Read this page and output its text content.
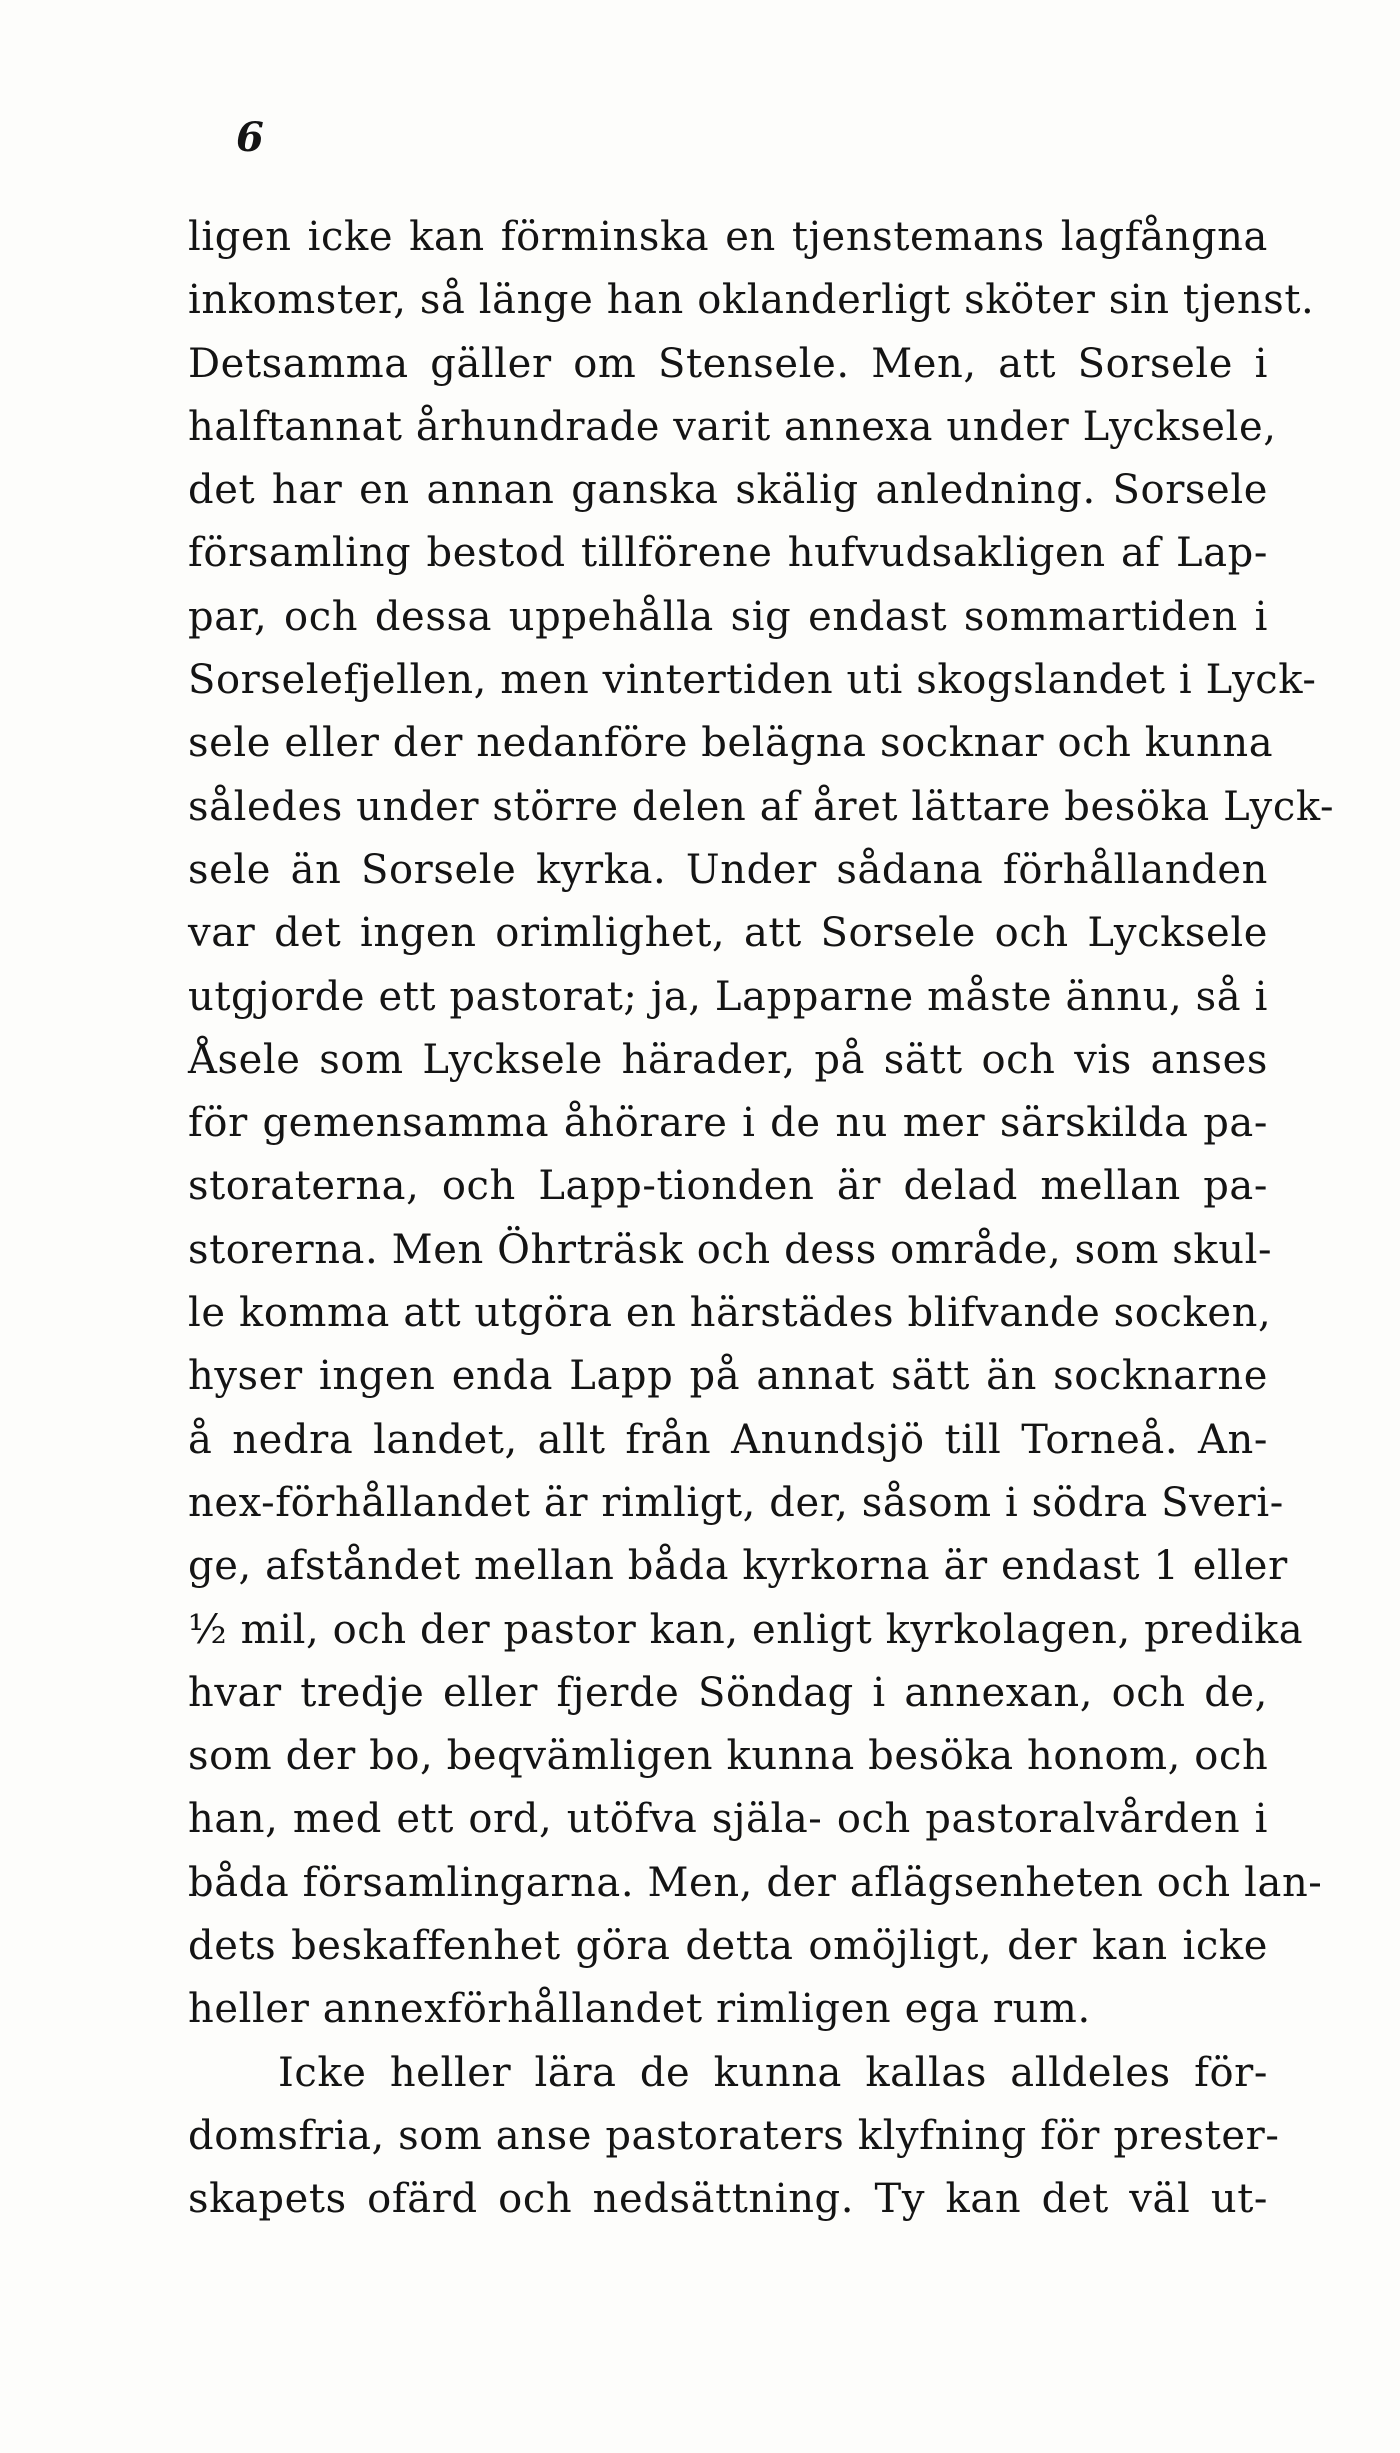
6
ligen icke kan förminska en tjenstemans lagfångna
inkomster, så länge han oklanderligt sköter sin tjenst.
Detsamma gäller om Stensele. Men, att Sorsele i
halftannat århundrade varit annexa under Lycksele,
det har en annan ganska skälig anledning. Sorsele
församling bestod tillförene hufvudsakligen af Lap-
par, och dessa uppehålla sig endast sommartiden i
Sorselefjellen, men vintertiden uti skogslandet i Lyck-
sele eller der nedanföre belägna socknar och kunna
således under större delen af året lättare besöka Lyck-
sele än Sorsele kyrka. Under sådana förhållanden
var det ingen orimlighet, att Sorsele och Lycksele
utgjorde ett pastorat; ja, Lapparne måste ännu, så i
Åsele som Lycksele härader, på sätt och vis anses
för gemensamma åhörare i de nu mer särskilda pa-
storaterna, och Lapp-tionden är delad mellan pa-
storerna. Men Öhrträsk och dess område, som skul-
le komma att utgöra en härstädes blifvande socken,
hyser ingen enda Lapp på annat sätt än socknarne
å nedra landet, allt från Anundsjö till Torneå. An-
nex-förhållandet är rimligt, der, såsom i södra Sveri-
ge, afståndet mellan båda kyrkorna är endast 1 eller
½ mil, och der pastor kan, enligt kyrkolagen, predika
hvar tredje eller fjerde Söndag i annexan, och de,
som der bo, beqvämligen kunna besöka honom, och
han, med ett ord, utöfva själa- och pastoralvården i
båda församlingarna. Men, der aflägsenheten och lan-
dets beskaffenhet göra detta omöjligt, der kan icke
heller annexförhållandet rimligen ega rum.
Icke heller lära de kunna kallas alldeles för-
domsfria, som anse pastoraters klyfning för prester-
skapets ofärd och nedsättning. Ty kan det väl ut-
